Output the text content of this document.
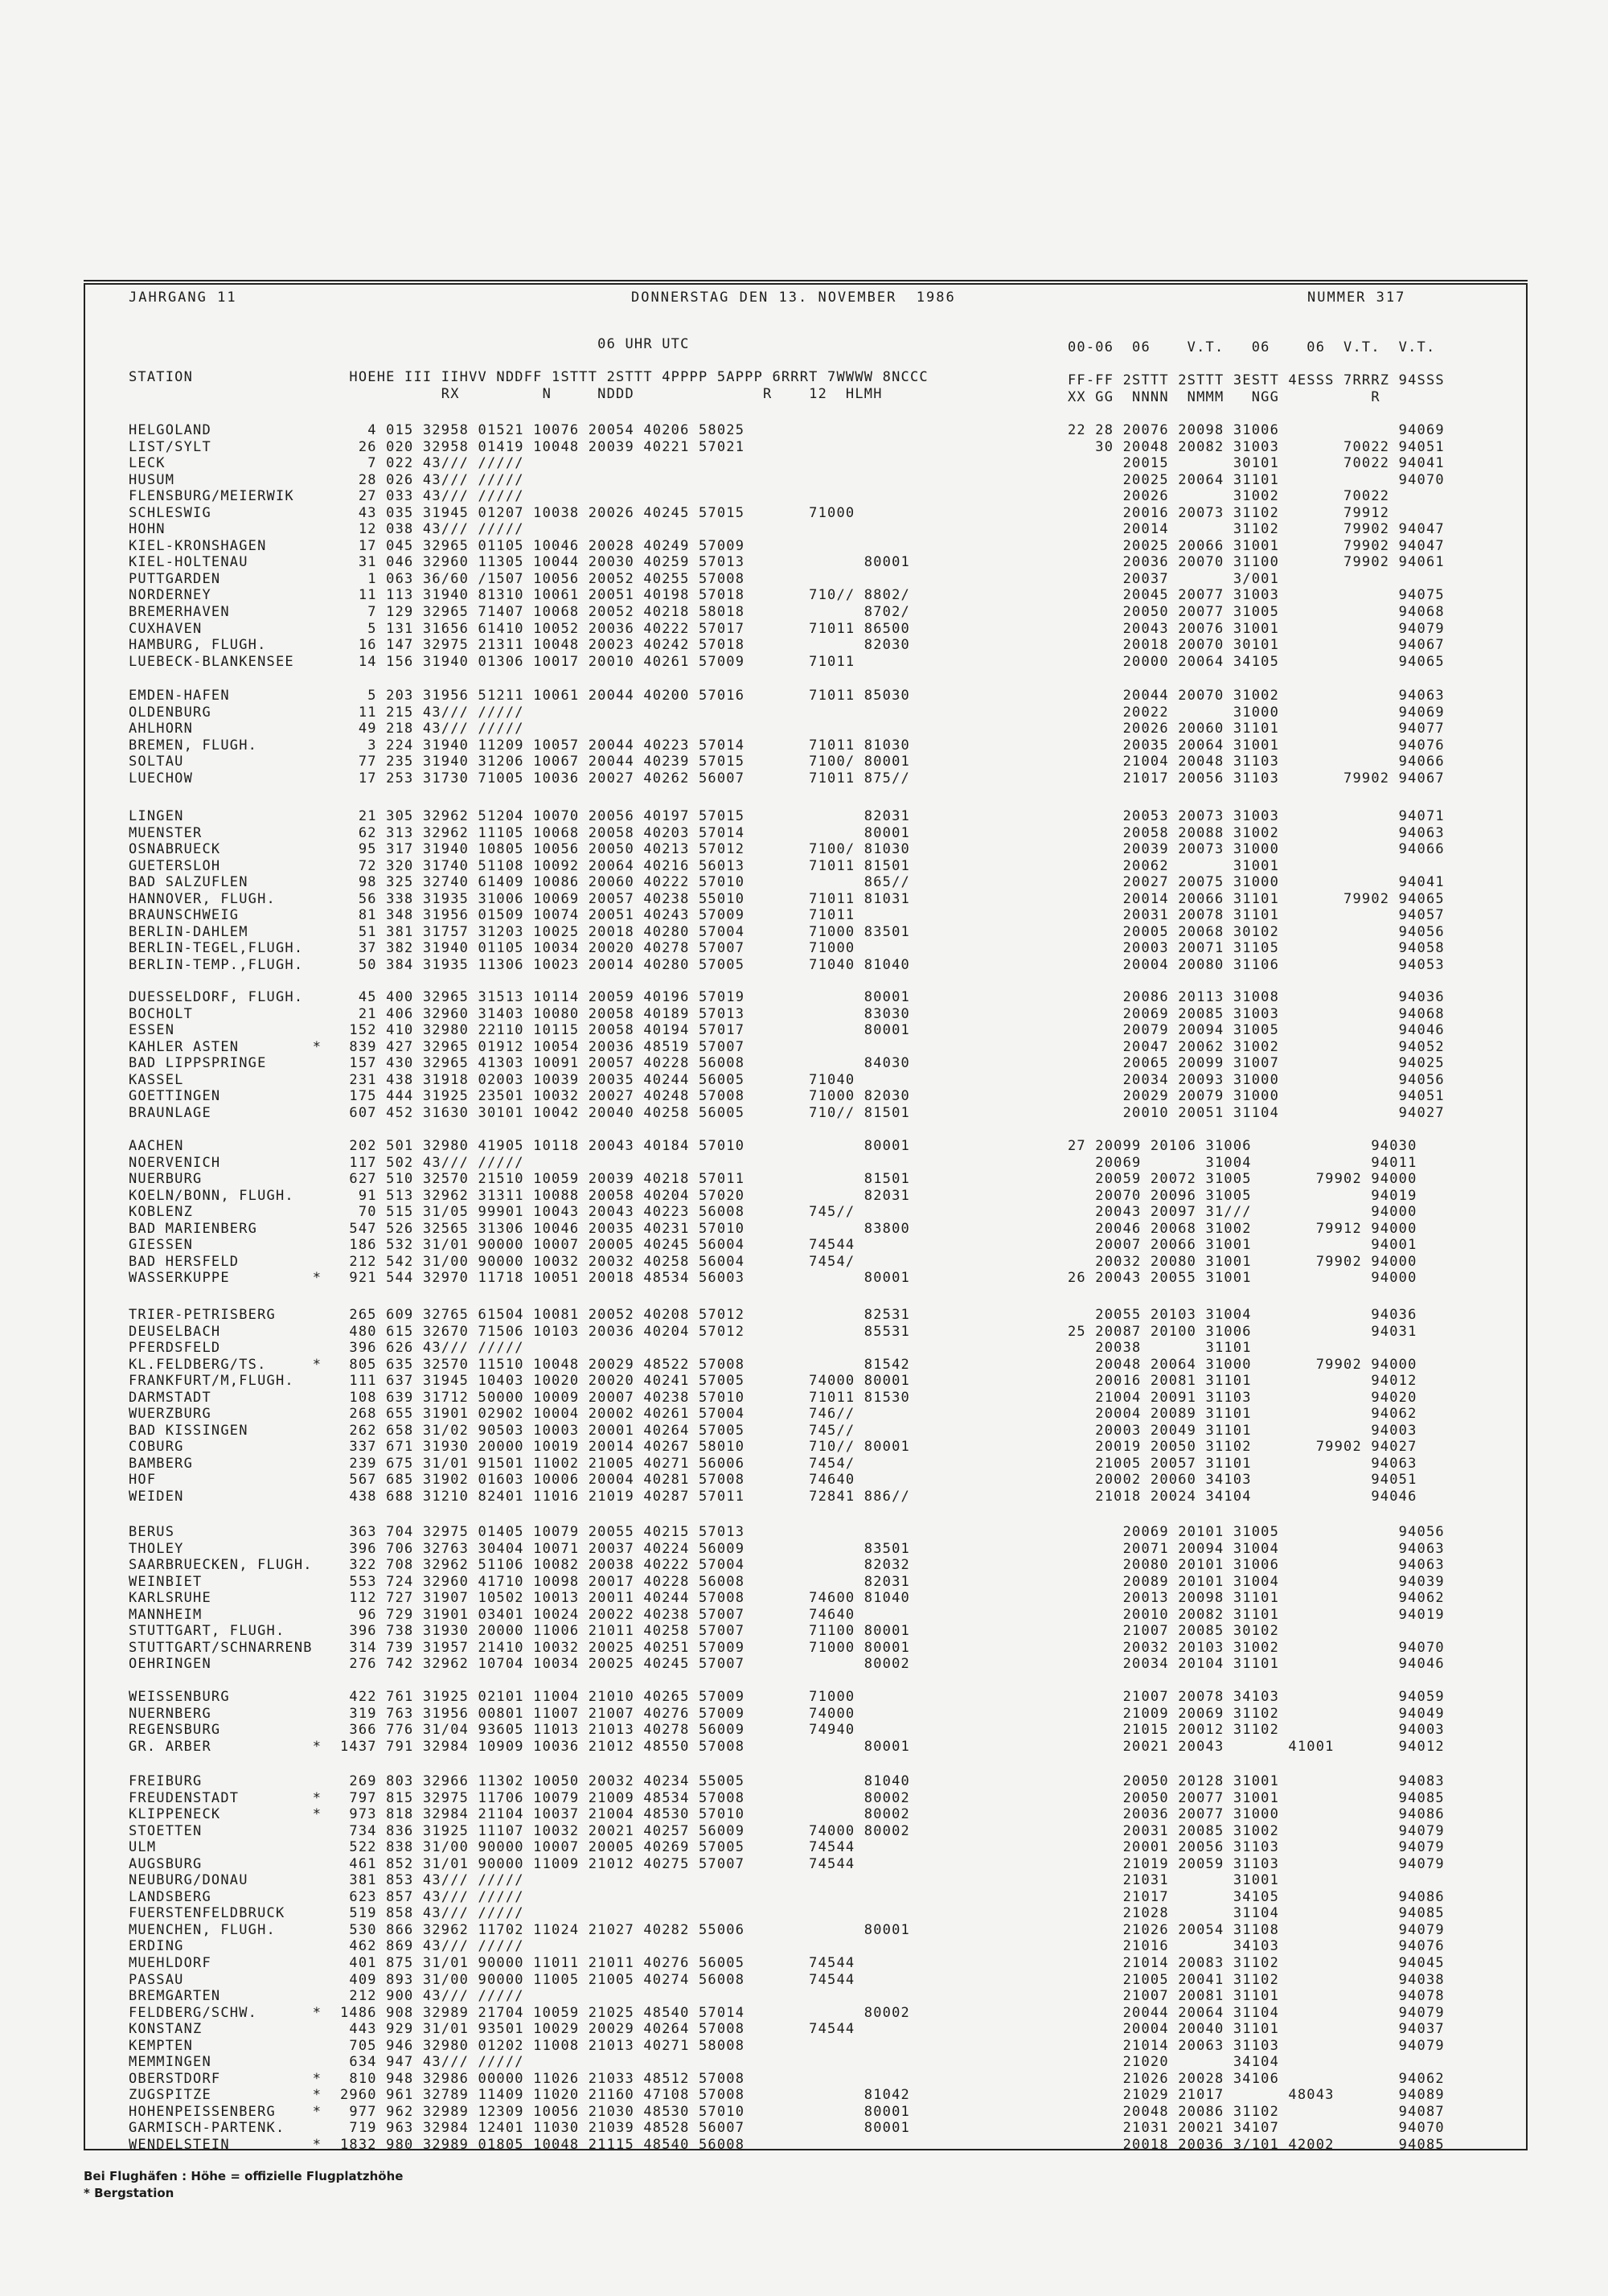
JAHRGANG 11	DONNERSTAG DEN 13. NOVEMBER  1986	NUMMER 317
06 UHR UTC
STATION                 HOEHE III IIHVV NDDFF 1STTT 2STTT 4PPPP 5APPP 6RRRT 7WWWW 8NCCC
RX         N     NDDD              R    12  HLMH
00-06  06    V.T.   06    06  V.T.  V.T.
FF-FF 2STTT 2STTT 3ESTT 4ESSS 7RRRZ 94SSS
XX GG  NNNN  NMMM   NGG          R
HELGOLAND                 4 015 32958 01521 10076 20054 40206 58025
LIST/SYLT                26 020 32958 01419 10048 20039 40221 57021
LECK                      7 022 43/// /////
HUSUM                    28 026 43/// /////
FLENSBURG/MEIERWIK       27 033 43/// /////
SCHLESWIG                43 035 31945 01207 10038 20026 40245 57015       71000
HOHN                     12 038 43/// /////
KIEL-KRONSHAGEN          17 045 32965 01105 10046 20028 40249 57009
KIEL-HOLTENAU            31 046 32960 11305 10044 20030 40259 57013             80001
PUTTGARDEN                1 063 36/60 /1507 10056 20052 40255 57008
NORDERNEY                11 113 31940 81310 10061 20051 40198 57018       710// 8802/
BREMERHAVEN               7 129 32965 71407 10068 20052 40218 58018             8702/
CUXHAVEN                  5 131 31656 61410 10052 20036 40222 57017       71011 86500
HAMBURG, FLUGH.          16 147 32975 21311 10048 20023 40242 57018             82030
LUEBECK-BLANKENSEE       14 156 31940 01306 10017 20010 40261 57009       71011
22 28 20076 20098 31006             94069
30 20048 20082 31003       70022 94051
20015       30101       70022 94041
20025 20064 31101             94070
20026       31002       70022
20016 20073 31102       79912
20014       31102       79902 94047
20025 20066 31001       79902 94047
20036 20070 31100       79902 94061
20037       3/001
20045 20077 31003             94075
20050 20077 31005             94068
20043 20076 31001             94079
20018 20070 30101             94067
20000 20064 34105             94065
EMDEN-HAFEN               5 203 31956 51211 10061 20044 40200 57016       71011 85030
OLDENBURG                11 215 43/// /////
AHLHORN                  49 218 43/// /////
BREMEN, FLUGH.            3 224 31940 11209 10057 20044 40223 57014       71011 81030
SOLTAU                   77 235 31940 31206 10067 20044 40239 57015       7100/ 80001
LUECHOW                  17 253 31730 71005 10036 20027 40262 56007       71011 875//
20044 20070 31002             94063
20022       31000             94069
20026 20060 31101             94077
20035 20064 31001             94076
21004 20048 31103             94066
21017 20056 31103       79902 94067
LINGEN                   21 305 32962 51204 10070 20056 40197 57015             82031
MUENSTER                 62 313 32962 11105 10068 20058 40203 57014             80001
OSNABRUECK               95 317 31940 10805 10056 20050 40213 57012       7100/ 81030
GUETERSLOH               72 320 31740 51108 10092 20064 40216 56013       71011 81501
BAD SALZUFLEN            98 325 32740 61409 10086 20060 40222 57010             865//
HANNOVER, FLUGH.         56 338 31935 31006 10069 20057 40238 55010       71011 81031
BRAUNSCHWEIG             81 348 31956 01509 10074 20051 40243 57009       71011
BERLIN-DAHLEM            51 381 31757 31203 10025 20018 40280 57004       71000 83501
BERLIN-TEGEL,FLUGH.      37 382 31940 01105 10034 20020 40278 57007       71000
BERLIN-TEMP.,FLUGH.      50 384 31935 11306 10023 20014 40280 57005       71040 81040
20053 20073 31003             94071
20058 20088 31002             94063
20039 20073 31000             94066
20062       31001
20027 20075 31000             94041
20014 20066 31101       79902 94065
20031 20078 31101             94057
20005 20068 30102             94056
20003 20071 31105             94058
20004 20080 31106             94053
DUESSELDORF, FLUGH.      45 400 32965 31513 10114 20059 40196 57019             80001
BOCHOLT                  21 406 32960 31403 10080 20058 40189 57013             83030
ESSEN                   152 410 32980 22110 10115 20058 40194 57017             80001
KAHLER ASTEN        *   839 427 32965 01912 10054 20036 48519 57007
BAD LIPPSPRINGE         157 430 32965 41303 10091 20057 40228 56008             84030
KASSEL                  231 438 31918 02003 10039 20035 40244 56005       71040
GOETTINGEN              175 444 31925 23501 10032 20027 40248 57008       71000 82030
BRAUNLAGE               607 452 31630 30101 10042 20040 40258 56005       710// 81501
20086 20113 31008             94036
20069 20085 31003             94068
20079 20094 31005             94046
20047 20062 31002             94052
20065 20099 31007             94025
20034 20093 31000             94056
20029 20079 31000             94051
20010 20051 31104             94027
AACHEN                  202 501 32980 41905 10118 20043 40184 57010             80001
NOERVENICH              117 502 43/// /////
NUERBURG                627 510 32570 21510 10059 20039 40218 57011             81501
KOELN/BONN, FLUGH.       91 513 32962 31311 10088 20058 40204 57020             82031
KOBLENZ                  70 515 31/05 99901 10043 20043 40223 56008       745//
BAD MARIENBERG          547 526 32565 31306 10046 20035 40231 57010             83800
GIESSEN                 186 532 31/01 90000 10007 20005 40245 56004       74544
BAD HERSFELD            212 542 31/00 90000 10032 20032 40258 56004       7454/
WASSERKUPPE         *   921 544 32970 11718 10051 20018 48534 56003             80001
27 20099 20106 31006             94030
20069       31004             94011
20059 20072 31005       79902 94000
20070 20096 31005             94019
20043 20097 31///             94000
20046 20068 31002       79912 94000
20007 20066 31001             94001
20032 20080 31001       79902 94000
26 20043 20055 31001             94000
TRIER-PETRISBERG        265 609 32765 61504 10081 20052 40208 57012             82531
DEUSELBACH              480 615 32670 71506 10103 20036 40204 57012             85531
PFERDSFELD              396 626 43/// /////
KL.FELDBERG/TS.     *   805 635 32570 11510 10048 20029 48522 57008             81542
FRANKFURT/M,FLUGH.      111 637 31945 10403 10020 20020 40241 57005       74000 80001
DARMSTADT               108 639 31712 50000 10009 20007 40238 57010       71011 81530
WUERZBURG               268 655 31901 02902 10004 20002 40261 57004       746//
BAD KISSINGEN           262 658 31/02 90503 10003 20001 40264 57005       745//
COBURG                  337 671 31930 20000 10019 20014 40267 58010       710// 80001
BAMBERG                 239 675 31/01 91501 11002 21005 40271 56006       7454/
HOF                     567 685 31902 01603 10006 20004 40281 57008       74640
WEIDEN                  438 688 31210 82401 11016 21019 40287 57011       72841 886//
20055 20103 31004             94036
25 20087 20100 31006             94031
20038       31101
20048 20064 31000       79902 94000
20016 20081 31101             94012
21004 20091 31103             94020
20004 20089 31101             94062
20003 20049 31101             94003
20019 20050 31102       79902 94027
21005 20057 31101             94063
20002 20060 34103             94051
21018 20024 34104             94046
BERUS                   363 704 32975 01405 10079 20055 40215 57013
THOLEY                  396 706 32763 30404 10071 20037 40224 56009             83501
SAARBRUECKEN, FLUGH.    322 708 32962 51106 10082 20038 40222 57004             82032
WEINBIET                553 724 32960 41710 10098 20017 40228 56008             82031
KARLSRUHE               112 727 31907 10502 10013 20011 40244 57008       74600 81040
MANNHEIM                 96 729 31901 03401 10024 20022 40238 57007       74640
STUTTGART, FLUGH.       396 738 31930 20000 11006 21011 40258 57007       71100 80001
STUTTGART/SCHNARRENB    314 739 31957 21410 10032 20025 40251 57009       71000 80001
OEHRINGEN               276 742 32962 10704 10034 20025 40245 57007             80002
20069 20101 31005             94056
20071 20094 31004             94063
20080 20101 31006             94063
20089 20101 31004             94039
20013 20098 31101             94062
20010 20082 31101             94019
21007 20085 30102
20032 20103 31002             94070
20034 20104 31101             94046
WEISSENBURG             422 761 31925 02101 11004 21010 40265 57009       71000
NUERNBERG               319 763 31956 00801 11007 21007 40276 57009       74000
REGENSBURG              366 776 31/04 93605 11013 21013 40278 56009       74940
GR. ARBER           *  1437 791 32984 10909 10036 21012 48550 57008             80001
21007 20078 34103             94059
21009 20069 31102             94049
21015 20012 31102             94003
20021 20043       41001       94012
FREIBURG                269 803 32966 11302 10050 20032 40234 55005             81040
FREUDENSTADT        *   797 815 32975 11706 10079 21009 48534 57008             80002
KLIPPENECK          *   973 818 32984 21104 10037 21004 48530 57010             80002
STOETTEN                734 836 31925 11107 10032 20021 40257 56009       74000 80002
ULM                     522 838 31/00 90000 10007 20005 40269 57005       74544
AUGSBURG                461 852 31/01 90000 11009 21012 40275 57007       74544
NEUBURG/DONAU           381 853 43/// /////
LANDSBERG               623 857 43/// /////
FUERSTENFELDBRUCK       519 858 43/// /////
MUENCHEN, FLUGH.        530 866 32962 11702 11024 21027 40282 55006             80001
ERDING                  462 869 43/// /////
MUEHLDORF               401 875 31/01 90000 11011 21011 40276 56005       74544
PASSAU                  409 893 31/00 90000 11005 21005 40274 56008       74544
BREMGARTEN              212 900 43/// /////
FELDBERG/SCHW.      *  1486 908 32989 21704 10059 21025 48540 57014             80002
KONSTANZ                443 929 31/01 93501 10029 20029 40264 57008       74544
KEMPTEN                 705 946 32980 01202 11008 21013 40271 58008
MEMMINGEN               634 947 43/// /////
OBERSTDORF          *   810 948 32986 00000 11026 21033 48512 57008
ZUGSPITZE           *  2960 961 32789 11409 11020 21160 47108 57008             81042
HOHENPEISSENBERG    *   977 962 32989 12309 10056 21030 48530 57010             80001
GARMISCH-PARTENK.       719 963 32984 12401 11030 21039 48528 56007             80001
WENDELSTEIN         *  1832 980 32989 01805 10048 21115 48540 56008
20050 20128 31001             94083
20050 20077 31001             94085
20036 20077 31000             94086
20031 20085 31002             94079
20001 20056 31103             94079
21019 20059 31103             94079
21031       31001
21017       34105             94086
21028       31104             94085
21026 20054 31108             94079
21016       34103             94076
21014 20083 31102             94045
21005 20041 31102             94038
21007 20081 31101             94078
20044 20064 31104             94079
20004 20040 31101             94037
21014 20063 31103             94079
21020       34104
21026 20028 34106             94062
21029 21017       48043       94089
20048 20086 31102             94087
21031 20021 34107             94070
20018 20036 3/101 42002       94085
Bei Flughäfen : Höhe = offizielle Flugplatzhöhe
* Bergstation
